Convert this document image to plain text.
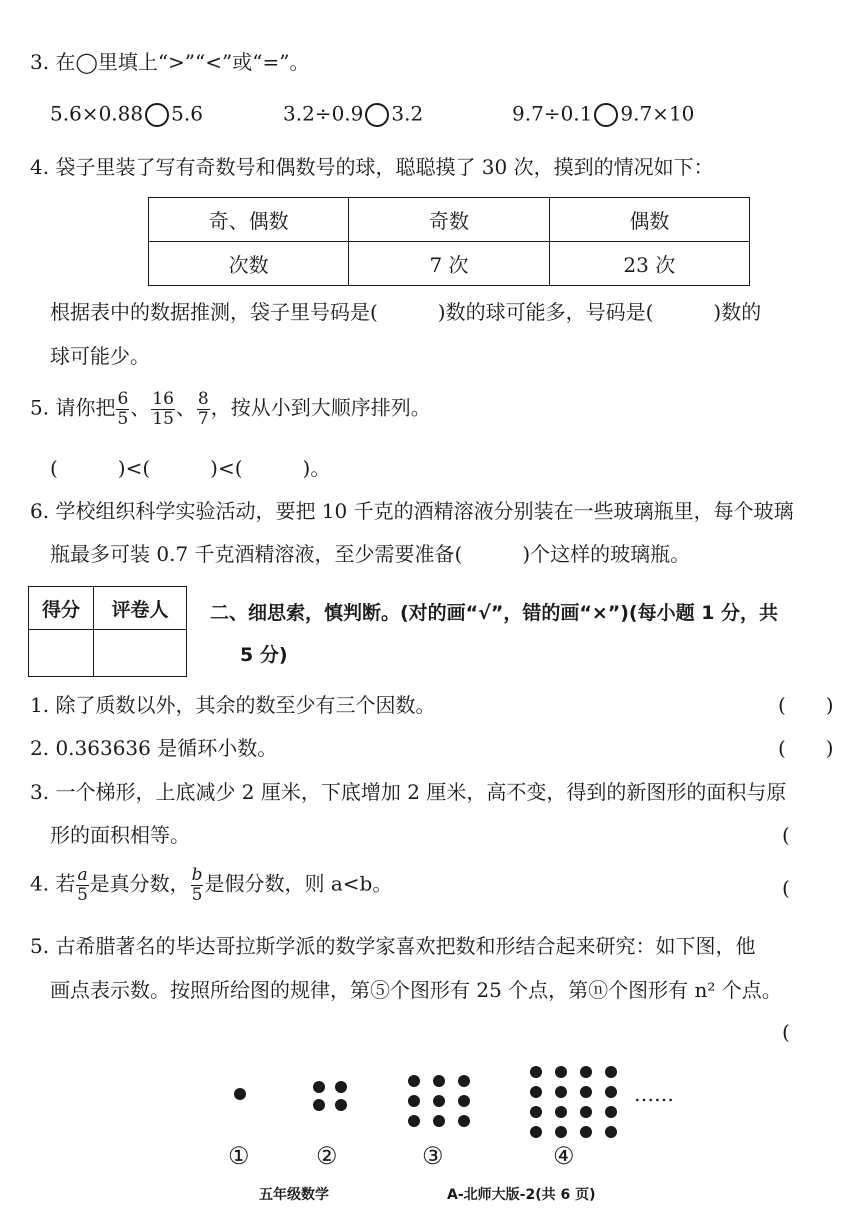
3. 在◯里填上“>”“<”或“=”。
5.6×0.88 5.6	3.2÷0.9 3.2	9.7÷0.1 9.7×10
4. 袋子里装了写有奇数号和偶数号的球，聪聪摸了 30 次，摸到的情况如下：
奇、偶数	奇数	偶数
次数	7 次	23 次
根据表中的数据推测，袋子里号码是(　　　)数的球可能多，号码是(　　　)数的
球可能少。
5. 请你把 $\frac{6}{5}$ 、 $\frac{16}{15}$ 、 $\frac{8}{7}$ ，按从小到大顺序排列。
(　　　)<(　　　)<(　　　)。
6. 学校组织科学实验活动，要把 10 千克的酒精溶液分别装在一些玻璃瓶里，每个玻璃
瓶最多可装 0.7 千克酒精溶液，至少需要准备(　　　)个这样的玻璃瓶。
得分	评卷人
	二、细思索，慎判断。(对的画“√”，错的画“×”)(每小题 1 分，共
5 分)
1. 除了质数以外，其余的数至少有三个因数。	(　　)
2. 0.363636 是循环小数。	(　　)
3. 一个梯形，上底减少 2 厘米，下底增加 2 厘米，高不变，得到的新图形的面积与原
形的面积相等。	(
4. 若 $\frac{a}{5}$ 是真分数， $\frac{b}{5}$ 是假分数，则 a<b。	(
5. 古希腊著名的毕达哥拉斯学派的数学家喜欢把数和形结合起来研究：如下图，他
画点表示数。按照所给图的规律，第⑤个图形有 25 个点，第ⓝ个图形有 n² 个点。
(
……
①	②	③	④
五年级数学	A-北师大版-2(共 6 页)
